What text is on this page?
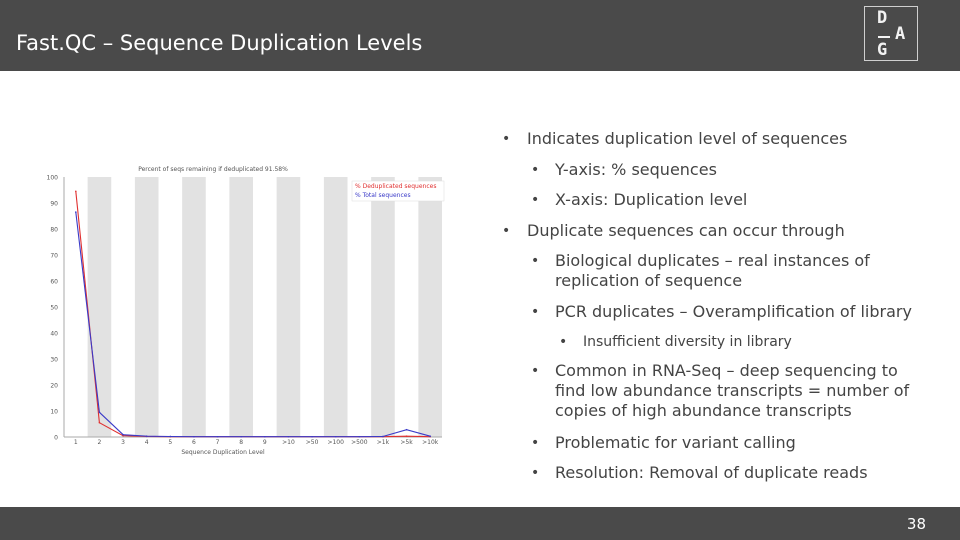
Fast.QC – Sequence Duplication Levels
D
A
G
0
10
20
30
40
50
60
70
80
90
100
1	2	3	4	5	6	7	8	9	>10 >50 >100 >500 >1k >5k >10k
Percent of seqs remaining if deduplicated 91.58%
Sequence Duplication Level
% Deduplicated sequences
% Total sequences
• Indicates duplication level of sequences
• Y-axis: % sequences
• X-axis: Duplication level
• Duplicate sequences can occur through
• Biological duplicates – real instances of replication of sequence
• PCR duplicates – Overamplification of library
• Insufficient diversity in library
• Common in RNA-Seq – deep sequencing to find low abundance transcripts = number of copies of high abundance transcripts
• Problematic for variant calling
• Resolution: Removal of duplicate reads
38
